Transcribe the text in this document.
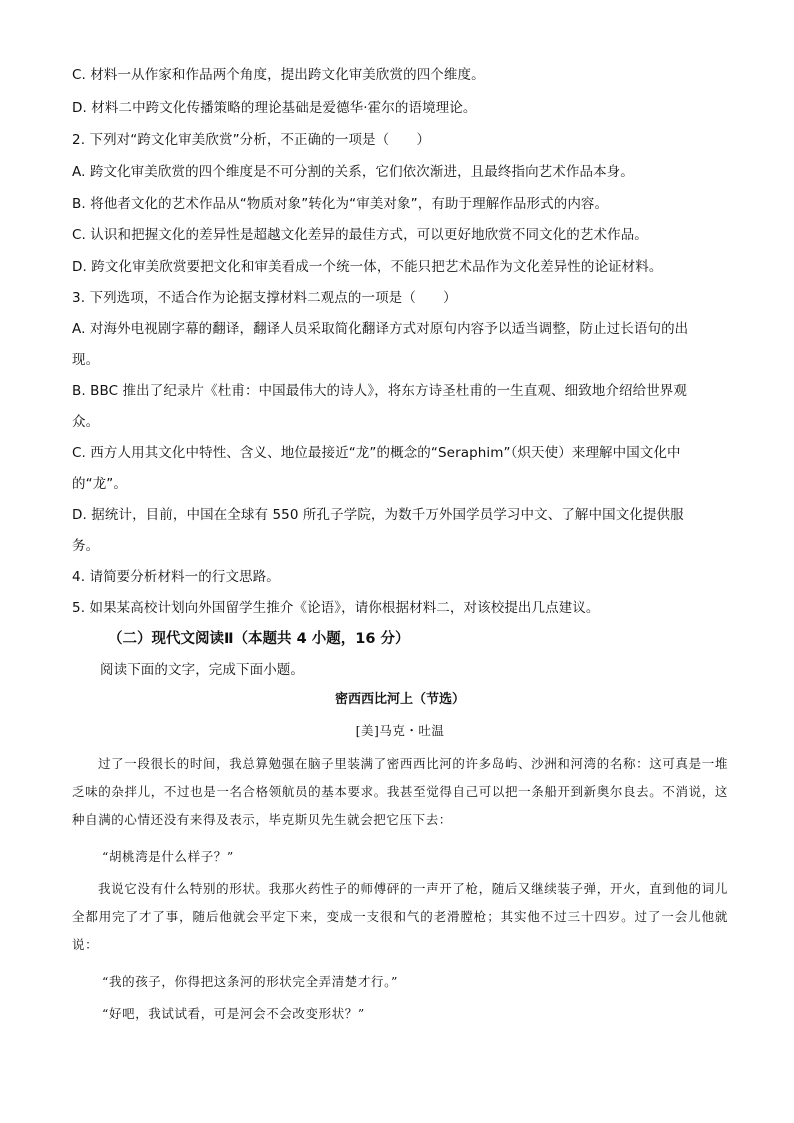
C. 材料一从作家和作品两个角度，提出跨文化审美欣赏的四个维度。
D. 材料二中跨文化传播策略的理论基础是爱德华·霍尔的语境理论。
2. 下列对“跨文化审美欣赏”分析，不正确的一项是（　　）
A. 跨文化审美欣赏的四个维度是不可分割的关系，它们依次渐进，且最终指向艺术作品本身。
B. 将他者文化的艺术作品从“物质对象”转化为“审美对象”，有助于理解作品形式的内容。
C. 认识和把握文化的差异性是超越文化差异的最佳方式，可以更好地欣赏不同文化的艺术作品。
D. 跨文化审美欣赏要把文化和审美看成一个统一体，不能只把艺术品作为文化差异性的论证材料。
3. 下列选项，不适合作为论据支撑材料二观点的一项是（　　）
A. 对海外电视剧字幕的翻译，翻译人员采取简化翻译方式对原句内容予以适当调整，防止过长语句的出
现。
B. BBC 推出了纪录片《杜甫：中国最伟大的诗人》，将东方诗圣杜甫的一生直观、细致地介绍给世界观
众。
C. 西方人用其文化中特性、含义、地位最接近“龙”的概念的“Seraphim”（炽天使）来理解中国文化中
的“龙”。
D. 据统计，目前，中国在全球有 550 所孔子学院，为数千万外国学员学习中文、了解中国文化提供服
务。
4. 请简要分析材料一的行文思路。
5. 如果某高校计划向外国留学生推介《论语》，请你根据材料二，对该校提出几点建议。
（二）现代文阅读Ⅱ（本题共 4 小题，16 分）
阅读下面的文字，完成下面小题。
密西西比河上（节选）
[美]马克・吐温
过了一段很长的时间，我总算勉强在脑子里装满了密西西比河的许多岛屿、沙洲和河湾的名称：这可真是一堆乏味的杂拌儿，不过也是一名合格领航员的基本要求。我甚至觉得自己可以把一条船开到新奥尔良去。不消说，这种自满的心情还没有来得及表示，毕克斯贝先生就会把它压下去：
“胡桃湾是什么样子？”
我说它没有什么特别的形状。我那火药性子的师傅砰的一声开了枪，随后又继续装子弹，开火，直到他的词儿全都用完了才了事，随后他就会平定下来，变成一支很和气的老滑膛枪；其实他不过三十四岁。过了一会儿他就说：
“我的孩子，你得把这条河的形状完全弄清楚才行。”
“好吧，我试试看，可是河会不会改变形状？”
